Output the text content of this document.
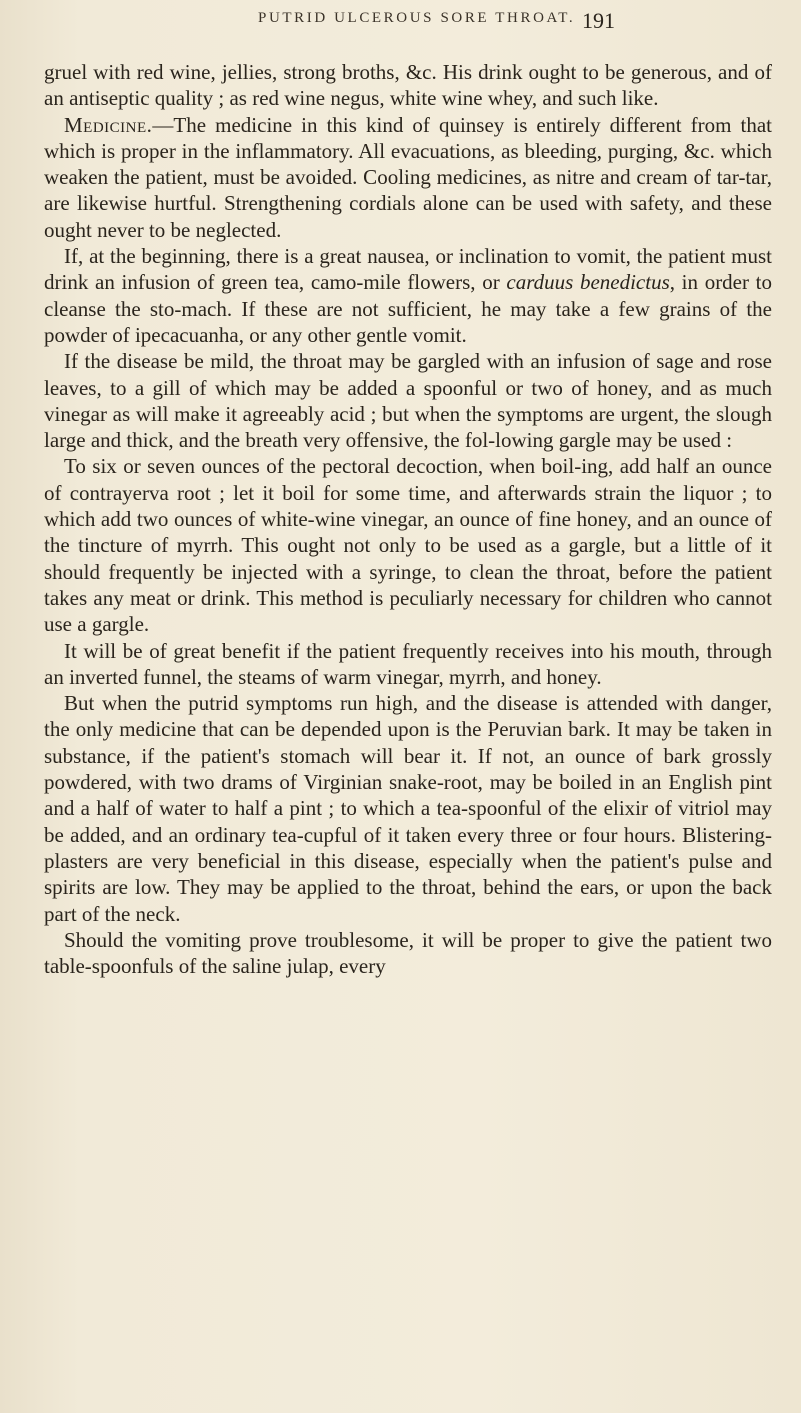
PUTRID ULCEROUS SORE THROAT. 191

gruel with red wine, jellies, strong broths, &c. His drink ought to be generous, and of an antiseptic quality ; as red wine negus, white wine whey, and such like.

Medicine.—The medicine in this kind of quinsey is entirely different from that which is proper in the inflammatory. All evacuations, as bleeding, purging, &c. which weaken the patient, must be avoided. Cooling medicines, as nitre and cream of tar-tar, are likewise hurtful. Strengthening cordials alone can be used with safety, and these ought never to be neglected.

If, at the beginning, there is a great nausea, or inclination to vomit, the patient must drink an infusion of green tea, camo-mile flowers, or carduus benedictus, in order to cleanse the sto-mach. If these are not sufficient, he may take a few grains of the powder of ipecacuanha, or any other gentle vomit.

If the disease be mild, the throat may be gargled with an infusion of sage and rose leaves, to a gill of which may be added a spoonful or two of honey, and as much vinegar as will make it agreeably acid ; but when the symptoms are urgent, the slough large and thick, and the breath very offensive, the fol-lowing gargle may be used :

To six or seven ounces of the pectoral decoction, when boil-ing, add half an ounce of contrayerva root ; let it boil for some time, and afterwards strain the liquor ; to which add two ounces of white-wine vinegar, an ounce of fine honey, and an ounce of the tincture of myrrh. This ought not only to be used as a gargle, but a little of it should frequently be injected with a syringe, to clean the throat, before the patient takes any meat or drink. This method is peculiarly necessary for children who cannot use a gargle.

It will be of great benefit if the patient frequently receives into his mouth, through an inverted funnel, the steams of warm vinegar, myrrh, and honey.

But when the putrid symptoms run high, and the disease is attended with danger, the only medicine that can be depended upon is the Peruvian bark. It may be taken in substance, if the patient's stomach will bear it. If not, an ounce of bark grossly powdered, with two drams of Virginian snake-root, may be boiled in an English pint and a half of water to half a pint ; to which a tea-spoonful of the elixir of vitriol may be added, and an ordinary tea-cupful of it taken every three or four hours. Blistering-plasters are very beneficial in this disease, especially when the patient's pulse and spirits are low. They may be applied to the throat, behind the ears, or upon the back part of the neck.

Should the vomiting prove troublesome, it will be proper to give the patient two table-spoonfuls of the saline julap, every
